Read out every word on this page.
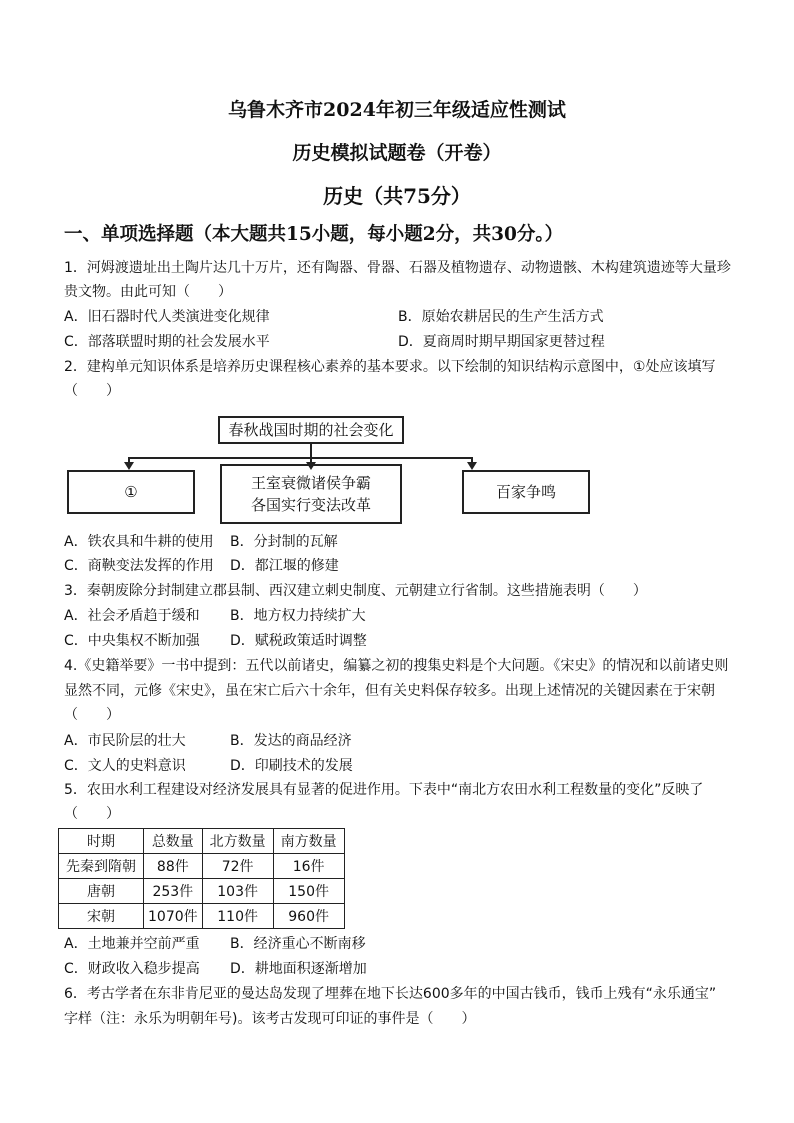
乌鲁木齐市2024年初三年级适应性测试
历史模拟试题卷（开卷）
历史（共75分）
一、单项选择题（本大题共15小题，每小题2分，共30分。）
1．河姆渡遗址出土陶片达几十万片，还有陶器、骨器、石器及植物遗存、动物遗骸、木构建筑遗迹等大量珍
贵文物。由此可知（　　）
A．旧石器时代人类演进变化规律	B．原始农耕居民的生产生活方式
C．部落联盟时期的社会发展水平	D．夏商周时期早期国家更替过程
2．建构单元知识体系是培养历史课程核心素养的基本要求。以下绘制的知识结构示意图中，①处应该填写
（　　）
春秋战国时期的社会变化
①	王室衰微诸侯争霸
各国实行变法改革
百家争鸣
A．铁农具和牛耕的使用 B．分封制的瓦解
C．商鞅变法发挥的作用 D．都江堰的修建
3．秦朝废除分封制建立郡县制、西汉建立刺史制度、元朝建立行省制。这些措施表明（　　）
A．社会矛盾趋于缓和 B．地方权力持续扩大
C．中央集权不断加强 D．赋税政策适时调整
4.《史籍举要》一书中提到：五代以前诸史，编纂之初的搜集史料是个大问题。《宋史》的情况和以前诸史则
显然不同，元修《宋史》，虽在宋亡后六十余年，但有关史料保存较多。出现上述情况的关键因素在于宋朝
（　　）
A．市民阶层的壮大	B．发达的商品经济
C．文人的史料意识	D．印刷技术的发展
5．农田水利工程建设对经济发展具有显著的促进作用。下表中“南北方农田水利工程数量的变化”反映了
（　　）
时期	总数量	北方数量	南方数量
先秦到隋朝	88件	72件	16件
唐朝	253件	103件	150件
宋朝	1070件	110件	960件
A．土地兼并空前严重 B．经济重心不断南移
C．财政收入稳步提高 D．耕地面积逐渐增加
6．考古学者在东非肯尼亚的曼达岛发现了埋葬在地下长达600多年的中国古钱币，钱币上残有“永乐通宝”
字样（注：永乐为明朝年号)。该考古发现可印证的事件是（　　）
